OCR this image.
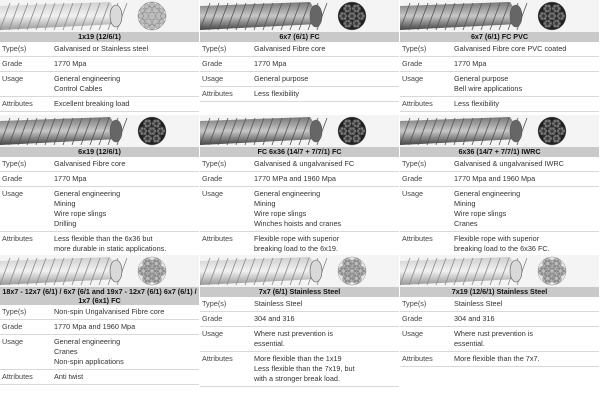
1x19 (12/6/1)
Type(s)	Galvanised or Stainless steel
Grade	1770 Mpa
Usage	General engineering
Control Cables
Attributes	Excellent breaking load
6x7 (6/1) FC
Type(s)	Galvanised Fibre core
Grade	1770 Mpa
Usage	General purpose
Attributes	Less flexibility
6x7 (6/1) FC PVC
Type(s)	Galvanised Fibre core PVC coated
Grade	1770 Mpa
Usage	General purpose
Bell wire applications
Attributes	Less flexibility
6x19 (12/6/1)
Type(s)	Galvanised Fibre core
Grade	1770 Mpa
Usage	General engineering
Mining
Wire rope slings
Drilling
Attributes	Less flexible than the 6x36 but
more durable in static applications.
FC 6x36 (14/7 + 7/7/1) FC
Type(s)	Galvanised & ungalvanised FC
Grade	1770 MPa and 1960 Mpa
Usage	General engineering
Mining
Wire rope slings
Winches hoists and cranes
Attributes	Flexible rope with superior
breaking load to the 6x19.
6x36 (14/7 + 7/7/1) IWRC
Type(s)	Galvanised & ungalvanised IWRC
Grade	1770 Mpa and 1960 Mpa
Usage	General engineering
Mining
Wire rope slings
Cranes
Attributes	Flexible rope with superior
breaking load to the 6x36 FC.
18x7 - 12x7 (6/1) / 6x7 (6/1 and 19x7 - 12x7 (6/1) 6x7 (6/1) / 1x7 (6x1) FC
Type(s)	Non-spin Ungalvanised Fibre core
Grade	1770 Mpa and 1960 Mpa
Usage	General engineering
Cranes
Non-spin applications
Attributes	Anti twist
7x7 (6/1) Stainless Steel
Type(s)	Stainless Steel
Grade	304 and 316
Usage	Where rust prevention is
essential.
Attributes	More flexible than the 1x19
Less flexible than the 7x19, but
with a stronger break load.
7x19 (12/6/1) Stainless Steel
Type(s)	Stainless Steel
Grade	304 and 316
Usage	Where rust prevention is
essential.
Attributes	More flexible than the 7x7.
